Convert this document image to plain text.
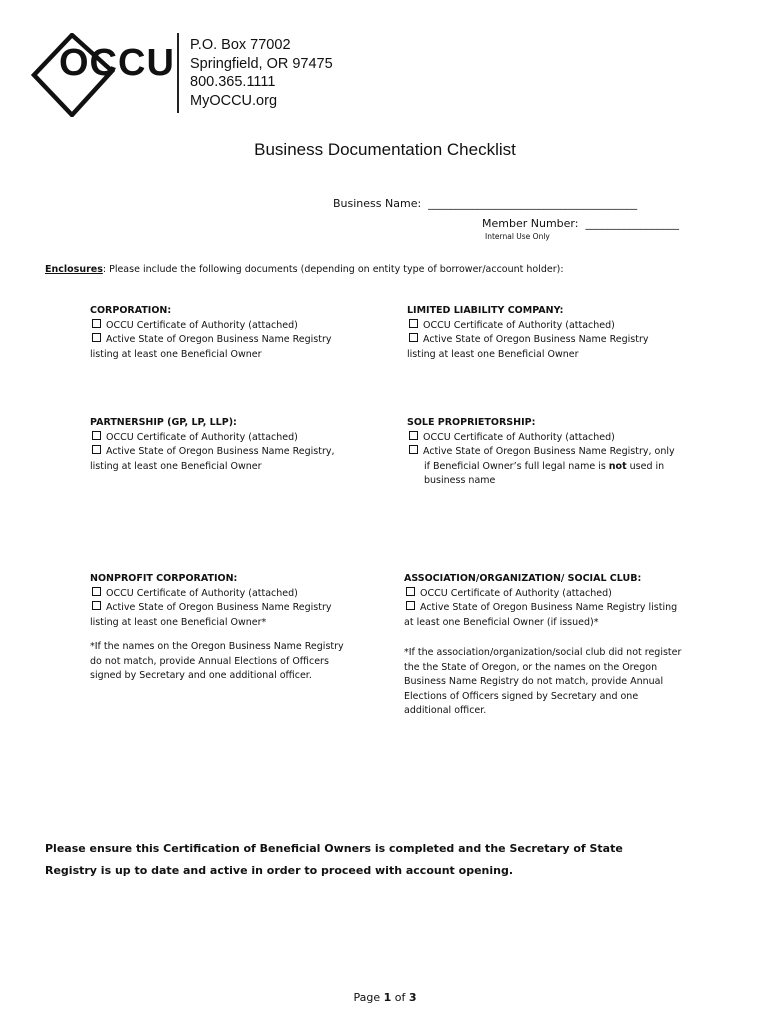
OCCU P.O. Box 77002
Springfield, OR 97475
800.365.1111
MyOCCU.org
Business Documentation Checklist
Business Name: ______________________________________
Member Number: _________________
Internal Use Only
Enclosures: Please include the following documents (depending on entity type of borrower/account holder):
CORPORATION:
OCCU Certificate of Authority (attached)
Active State of Oregon Business Name Registry
listing at least one Beneficial Owner
LIMITED LIABILITY COMPANY:
OCCU Certificate of Authority (attached)
Active State of Oregon Business Name Registry
listing at least one Beneficial Owner
PARTNERSHIP (GP, LP, LLP):
OCCU Certificate of Authority (attached)
Active State of Oregon Business Name Registry,
listing at least one Beneficial Owner
SOLE PROPRIETORSHIP:
OCCU Certificate of Authority (attached)
Active State of Oregon Business Name Registry, only
if Beneficial Owner’s full legal name is not used in
business name
NONPROFIT CORPORATION:
OCCU Certificate of Authority (attached)
Active State of Oregon Business Name Registry
listing at least one Beneficial Owner*
*If the names on the Oregon Business Name Registry
do not match, provide Annual Elections of Officers
signed by Secretary and one additional officer.
ASSOCIATION/ORGANIZATION/ SOCIAL CLUB:
OCCU Certificate of Authority (attached)
Active State of Oregon Business Name Registry listing
at least one Beneficial Owner (if issued)*
*If the association/organization/social club did not register
the the State of Oregon, or the names on the Oregon
Business Name Registry do not match, provide Annual
Elections of Officers signed by Secretary and one
additional officer.
Please ensure this Certification of Beneficial Owners is completed and the Secretary of State
Registry is up to date and active in order to proceed with account opening.
Page 1 of 3
